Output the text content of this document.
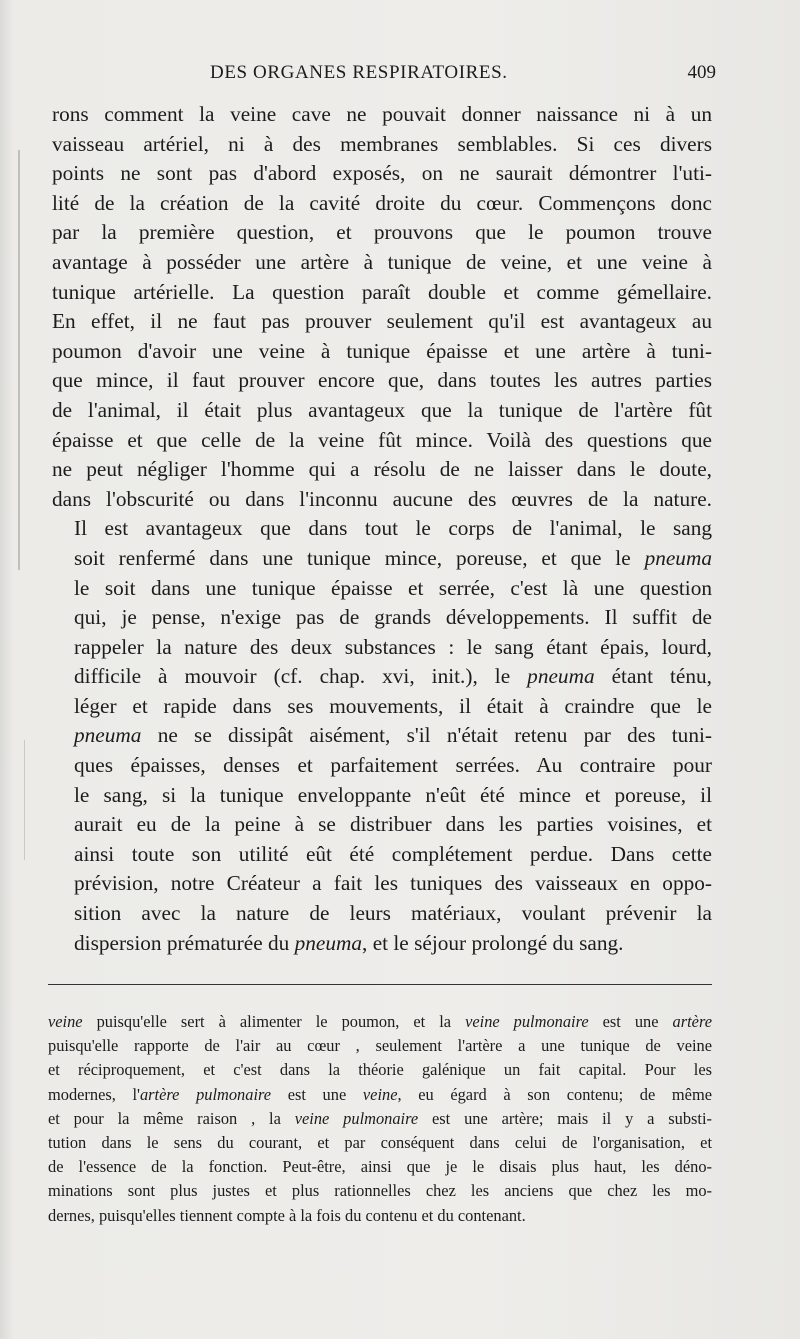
DES ORGANES RESPIRATOIRES.	409

rons comment la veine cave ne pouvait donner naissance ni à un
vaisseau artériel, ni à des membranes semblables. Si ces divers
points ne sont pas d'abord exposés, on ne saurait démontrer l'uti-
lité de la création de la cavité droite du cœur. Commençons donc
par la première question, et prouvons que le poumon trouve
avantage à posséder une artère à tunique de veine, et une veine à
tunique artérielle. La question paraît double et comme gémellaire.
En effet, il ne faut pas prouver seulement qu'il est avantageux au
poumon d'avoir une veine à tunique épaisse et une artère à tuni-
que mince, il faut prouver encore que, dans toutes les autres parties
de l'animal, il était plus avantageux que la tunique de l'artère fût
épaisse et que celle de la veine fût mince. Voilà des questions que
ne peut négliger l'homme qui a résolu de ne laisser dans le doute,
dans l'obscurité ou dans l'inconnu aucune des œuvres de la nature.

Il est avantageux que dans tout le corps de l'animal, le sang
soit renfermé dans une tunique mince, poreuse, et que le pneuma
le soit dans une tunique épaisse et serrée, c'est là une question
qui, je pense, n'exige pas de grands développements. Il suffit de
rappeler la nature des deux substances : le sang étant épais, lourd,
difficile à mouvoir (cf. chap. xvi, init.), le pneuma étant ténu,
léger et rapide dans ses mouvements, il était à craindre que le
pneuma ne se dissipât aisément, s'il n'était retenu par des tuni-
ques épaisses, denses et parfaitement serrées. Au contraire pour
le sang, si la tunique enveloppante n'eût été mince et poreuse, il
aurait eu de la peine à se distribuer dans les parties voisines, et
ainsi toute son utilité eût été complétement perdue. Dans cette
prévision, notre Créateur a fait les tuniques des vaisseaux en oppo-
sition avec la nature de leurs matériaux, voulant prévenir la
dispersion prématurée du pneuma, et le séjour prolongé du sang.

veine puisqu'elle sert à alimenter le poumon, et la veine pulmonaire est une artère
puisqu'elle rapporte de l'air au cœur , seulement l'artère a une tunique de veine
et réciproquement, et c'est dans la théorie galénique un fait capital. Pour les
modernes, l'artère pulmonaire est une veine, eu égard à son contenu; de même
et pour la même raison , la veine pulmonaire est une artère; mais il y a substi-
tution dans le sens du courant, et par conséquent dans celui de l'organisation, et
de l'essence de la fonction. Peut-être, ainsi que je le disais plus haut, les déno-
minations sont plus justes et plus rationnelles chez les anciens que chez les mo-
dernes, puisqu'elles tiennent compte à la fois du contenu et du contenant.
